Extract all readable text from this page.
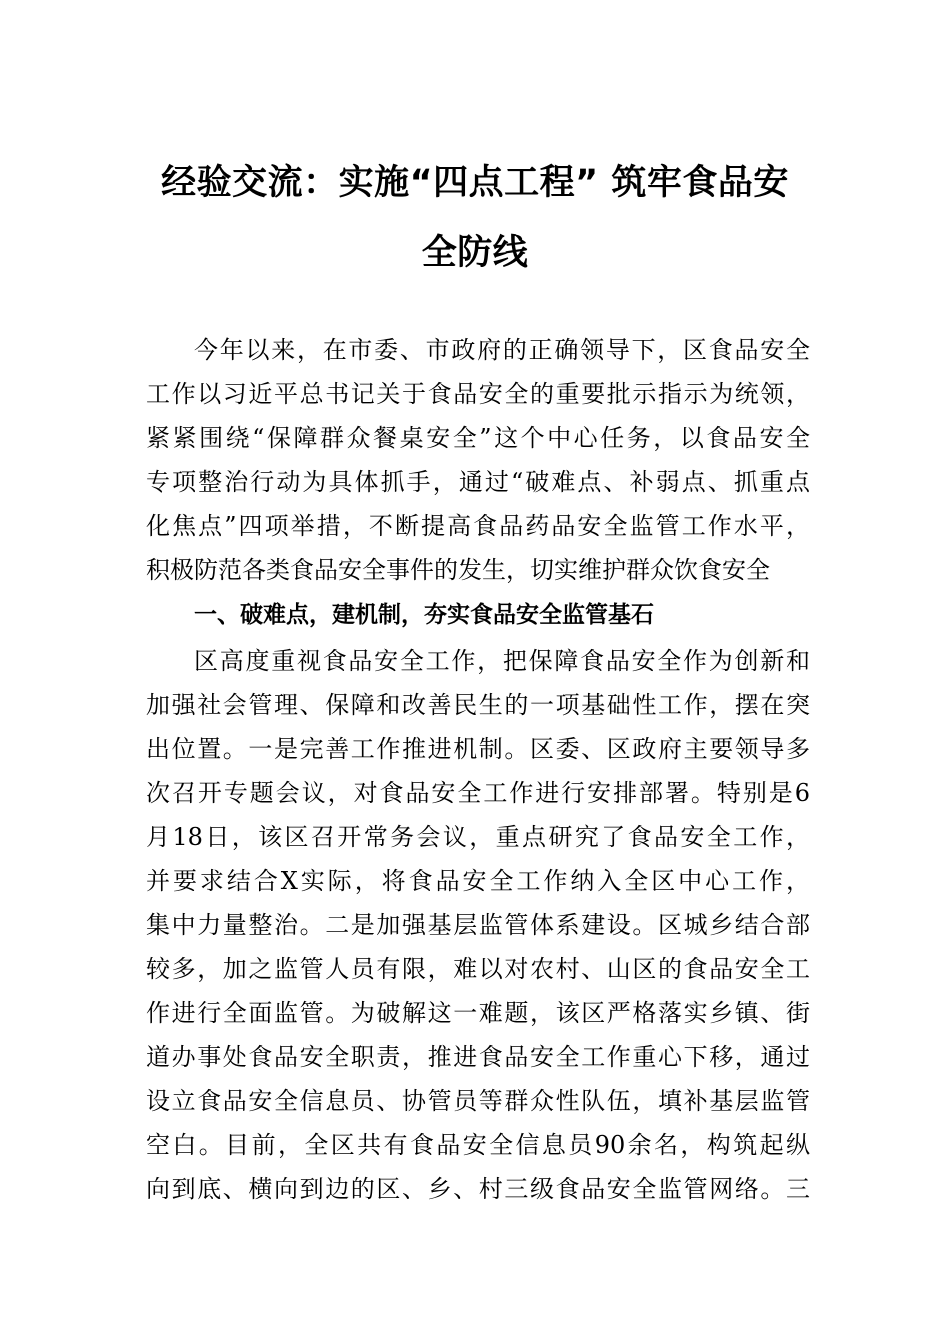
经验交流：实施“四点工程” 筑牢食品安
全防线
今年以来，在市委、市政府的正确领导下，区食品安全
工作以习近平总书记关于食品安全的重要批示指示为统领，
紧紧围绕“保障群众餐桌安全”这个中心任务，以食品安全
专项整治行动为具体抓手，通过“破难点、补弱点、抓重点
化焦点”四项举措，不断提高食品药品安全监管工作水平，
积极防范各类食品安全事件的发生，切实维护群众饮食安全
一、破难点，建机制，夯实食品安全监管基石
区高度重视食品安全工作，把保障食品安全作为创新和
加强社会管理、保障和改善民生的一项基础性工作，摆在突
出位置。一是完善工作推进机制。区委、区政府主要领导多
次召开专题会议，对食品安全工作进行安排部署。特别是6
月18日，该区召开常务会议，重点研究了食品安全工作，
并要求结合X实际，将食品安全工作纳入全区中心工作，
集中力量整治。二是加强基层监管体系建设。区城乡结合部
较多，加之监管人员有限，难以对农村、山区的食品安全工
作进行全面监管。为破解这一难题，该区严格落实乡镇、街
道办事处食品安全职责，推进食品安全工作重心下移，通过
设立食品安全信息员、协管员等群众性队伍，填补基层监管
空白。目前，全区共有食品安全信息员90余名，构筑起纵
向到底、横向到边的区、乡、村三级食品安全监管网络。三
